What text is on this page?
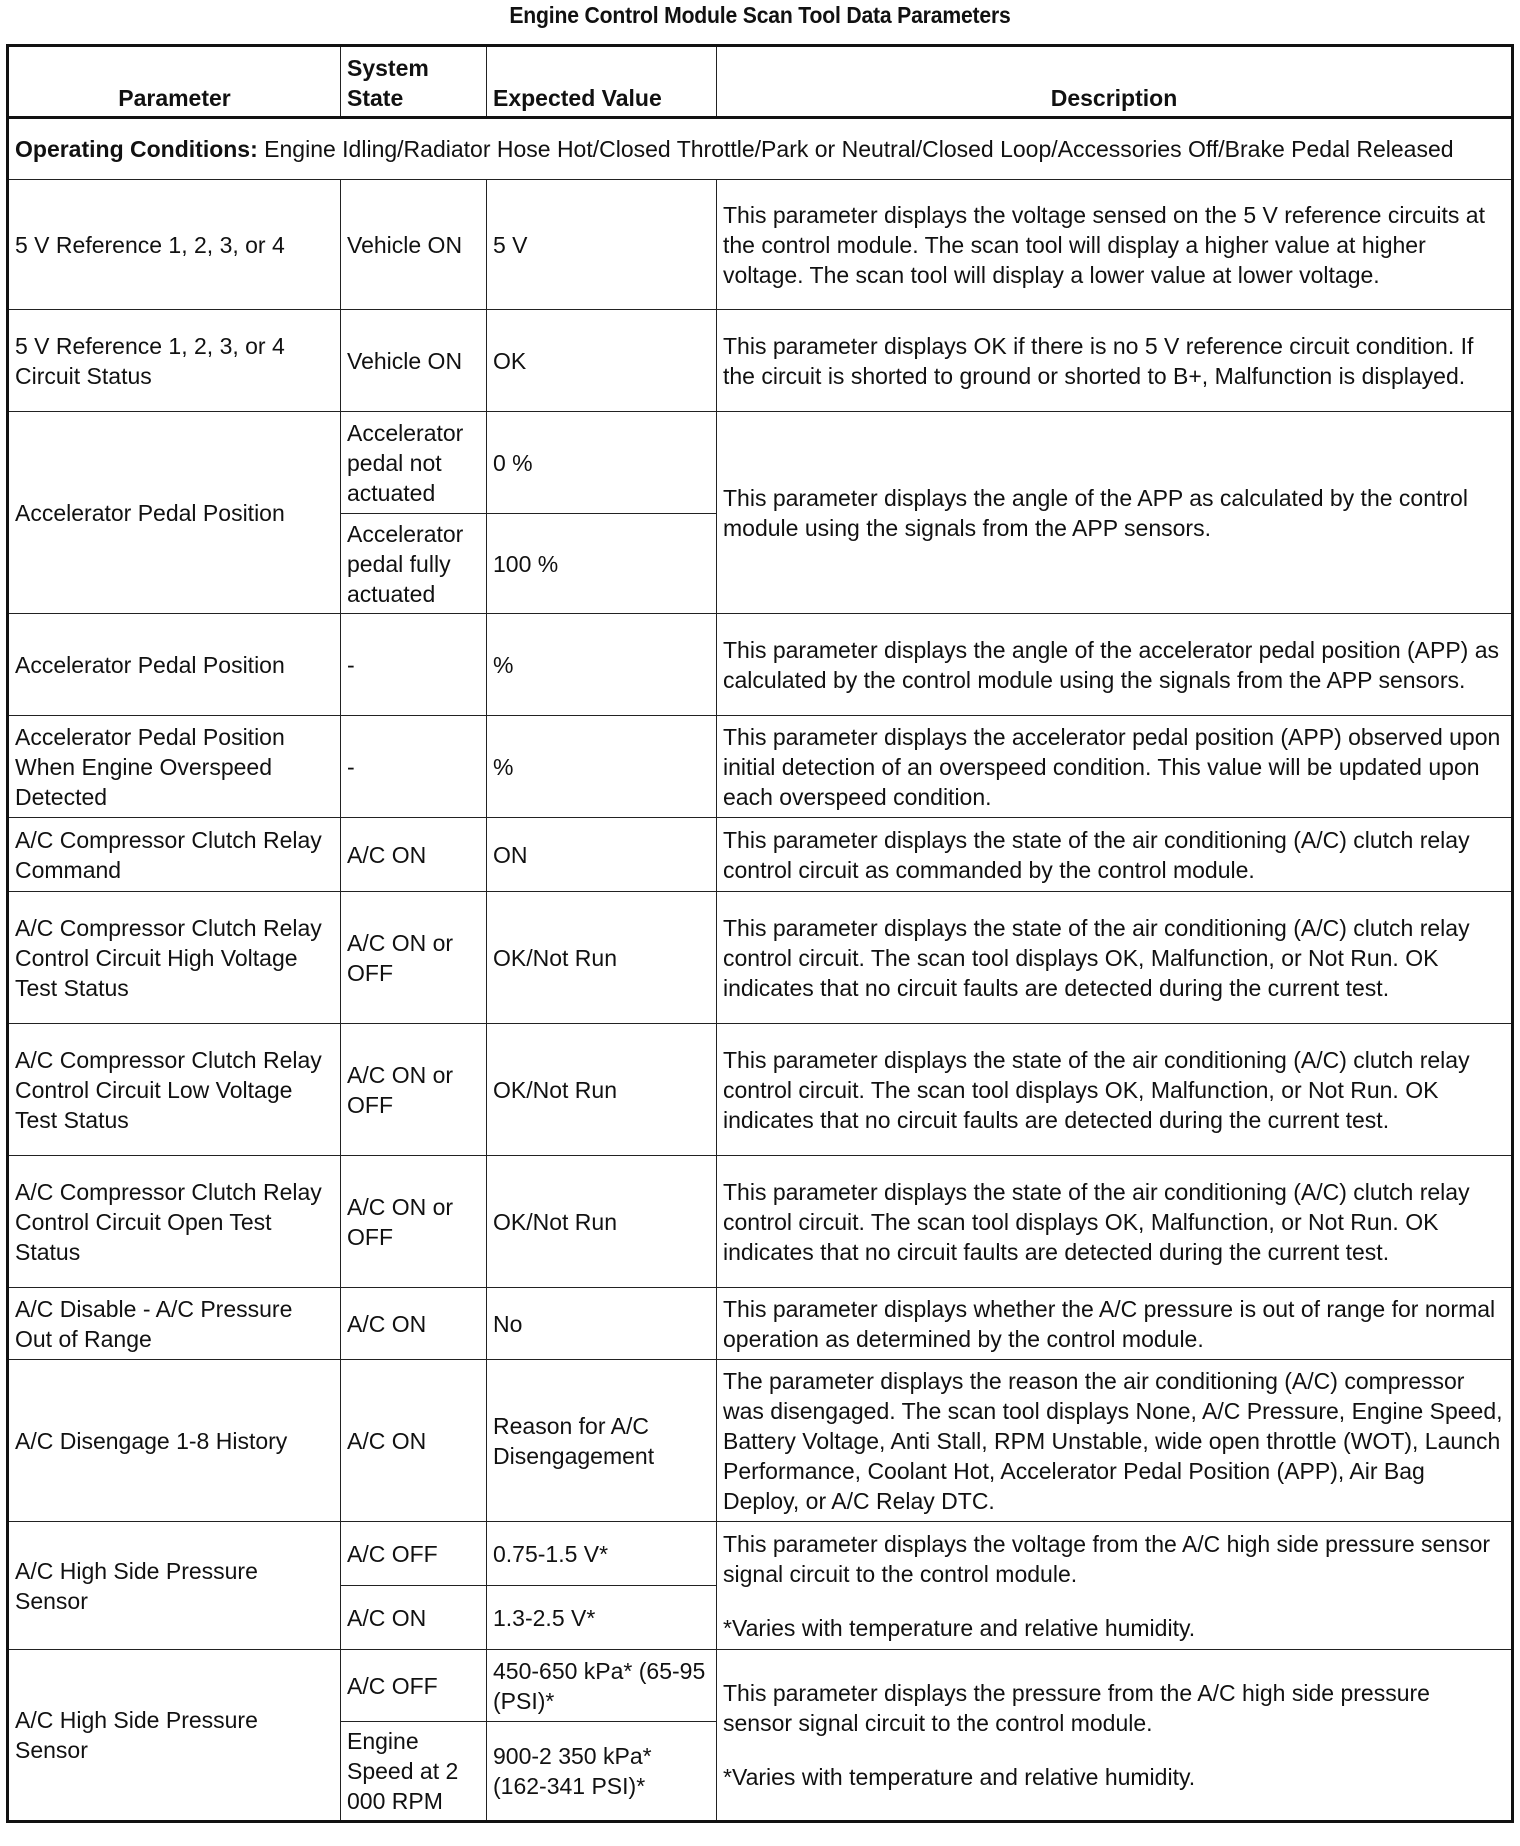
Engine Control Module Scan Tool Data Parameters
Parameter	System State	Expected Value	Description
Operating Conditions: Engine Idling/Radiator Hose Hot/Closed Throttle/Park or Neutral/Closed Loop/Accessories Off/Brake Pedal Released			
5 V Reference 1, 2, 3, or 4	Vehicle ON	5 V	This parameter displays the voltage sensed on the 5 V reference circuits at the control module. The scan tool will display a higher value at higher voltage. The scan tool will display a lower value at lower voltage.
5 V Reference 1, 2, 3, or 4 Circuit Status	Vehicle ON	OK	This parameter displays OK if there is no 5 V reference circuit condition. If the circuit is shorted to ground or shorted to B+, Malfunction is displayed.
Accelerator Pedal Position	Accelerator pedal not actuated	0 %	This parameter displays the angle of the APP as calculated by the control module using the signals from the APP sensors.
	Accelerator pedal fully actuated	100 %	
Accelerator Pedal Position	-	%	This parameter displays the angle of the accelerator pedal position (APP) as calculated by the control module using the signals from the APP sensors.
Accelerator Pedal Position When Engine Overspeed Detected	-	%	This parameter displays the accelerator pedal position (APP) observed upon initial detection of an overspeed condition. This value will be updated upon each overspeed condition.
A/C Compressor Clutch Relay Command	A/C ON	ON	This parameter displays the state of the air conditioning (A/C) clutch relay control circuit as commanded by the control module.
A/C Compressor Clutch Relay Control Circuit High Voltage Test Status	A/C ON or OFF	OK/Not Run	This parameter displays the state of the air conditioning (A/C) clutch relay control circuit. The scan tool displays OK, Malfunction, or Not Run. OK indicates that no circuit faults are detected during the current test.
A/C Compressor Clutch Relay Control Circuit Low Voltage Test Status	A/C ON or OFF	OK/Not Run	This parameter displays the state of the air conditioning (A/C) clutch relay control circuit. The scan tool displays OK, Malfunction, or Not Run. OK indicates that no circuit faults are detected during the current test.
A/C Compressor Clutch Relay Control Circuit Open Test Status	A/C ON or OFF	OK/Not Run	This parameter displays the state of the air conditioning (A/C) clutch relay control circuit. The scan tool displays OK, Malfunction, or Not Run. OK indicates that no circuit faults are detected during the current test.
A/C Disable - A/C Pressure Out of Range	A/C ON	No	This parameter displays whether the A/C pressure is out of range for normal operation as determined by the control module.
A/C Disengage 1-8 History	A/C ON	Reason for A/C Disengagement	The parameter displays the reason the air conditioning (A/C) compressor was disengaged. The scan tool displays None, A/C Pressure, Engine Speed, Battery Voltage, Anti Stall, RPM Unstable, wide open throttle (WOT), Launch Performance, Coolant Hot, Accelerator Pedal Position (APP), Air Bag Deploy, or A/C Relay DTC.
A/C High Side Pressure Sensor	A/C OFF	0.75-1.5 V*	This parameter displays the voltage from the A/C high side pressure sensor signal circuit to the control module.

*Varies with temperature and relative humidity.

	A/C ON	1.3-2.5 V*	
A/C High Side Pressure Sensor	A/C OFF	450-650 kPa* (65-95 (PSI)*	This parameter displays the pressure from the A/C high side pressure sensor signal circuit to the control module.

*Varies with temperature and relative humidity.

	Engine Speed at 2 000 RPM	900-2 350 kPa* (162-341 PSI)*	
